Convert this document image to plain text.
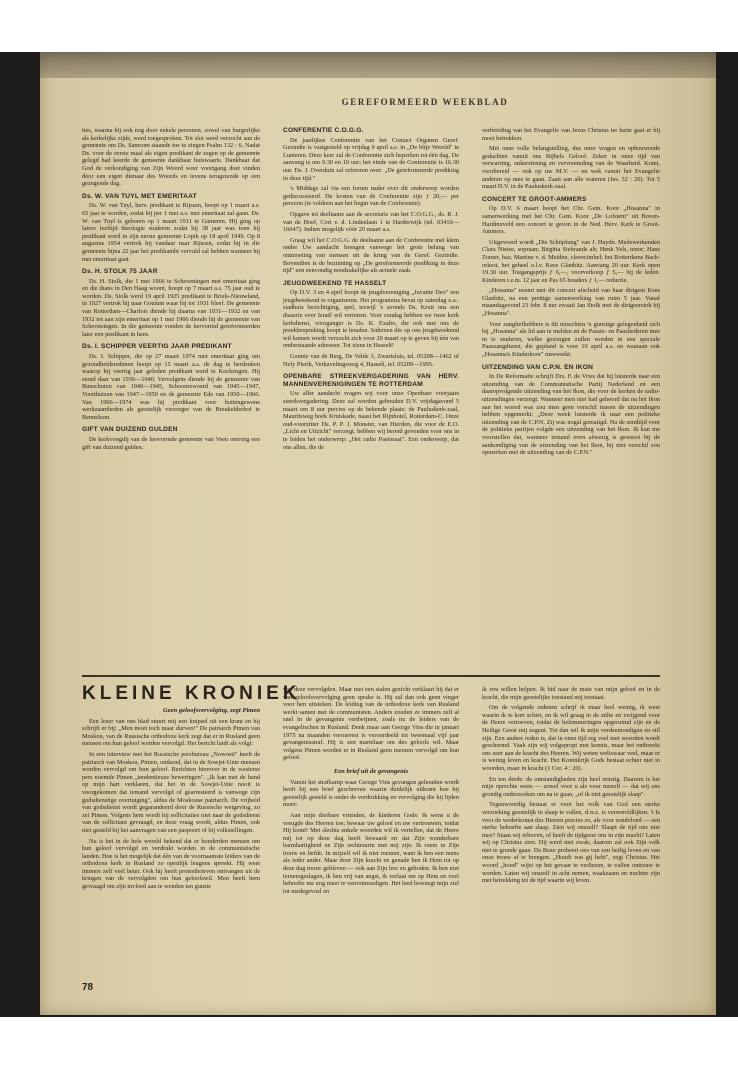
GEREFORMEERD WEEKBLAD

ties, waarna hij ook nog door enkele personen, zowel van burgerlijke als kerkelijke zijde, werd toegesproken. Tot slot werd verzocht aan de gemeente om Ds. Samsom staande toe te zingen Psalm 132 : 6. Nadat Ds. voor de eerste maal als eigen predikant de zegen op de gemeente gelegd had keerde de gemeente dankbaar huiswaarts. Dankbaar dat God de verkondiging van Zijn Woord weer voortgang doet vinden door een eigen dienaar des Woords en tevens terugziende op een gezegende dag.

Ds. W. VAN TUYL MET EMERITAAT

Ds. W. van Tuyl, herv. predikant te Rijssen, hoopt op 1 maart a.s. 65 jaar te worden, zodat hij per 1 mei a.s. met emeritaat zal gaan. Ds. W. van Tuyl is geboren op 1 maart 1911 te Gameren. Hij ging op latere leeftijd theologie studeren zodat hij 38 jaar was toen hij predikant werd in zijn eerste gemeente Lopik op 18 april 1949. Op 8 augustus 1954 vertrok hij vandaar naar Rijssen, zodat hij in die gemeente bijna 22 jaar het predikambt vervuld zal hebben wanneer hij met emeritaat gaat.

Ds. H. STOLK 75 JAAR

Ds. H. Stolk, die 1 mei 1966 te Scheveningen met emeritaat ging en die thans in Den Haag woont, hoopt op 7 maart a.s. 75 jaar oud te worden. Ds. Stolk werd 19 april 1925 predikant te Briels-Nieuwland, in 1927 vertrok hij naar Goutum waar hij tot 1931 bleef. De gemeente van Rotterdam—Charlois diende hij daarna van 1931—1932 en van 1932 tot aan zijn emeritaat op 1 mei 1966 diende hij de gemeente van Scheveningen. In die gemeente vonden de hervormd gereformeerden later een predikant in hem.

Ds. I. SCHIPPER VEERTIG JAAR PREDIKANT

Ds. I. Schipper, die op 27 maart 1974 met emeritaat ging om gezondheidsredenen hoopt op 15 maart a.s. de dag te herdenken waarop hij veertig jaar geleden predikant werd te Kockengen. Hij stond daar van 1936—1940. Vervolgens diende hij de gemeente van Bunschoten van 1940—1945, Schoonrewoerd van 1945—1947, Voorthuizen van 1947—1950 en de gemeente Ede van 1950—1966. Van 1966—1974 was hij predikant voor buitengewone werkzaamheden als geestelijk verzorger van de Breukelderhof te Bennekom.

GIFT VAN DUIZEND GULDEN

De kerkvoogdij van de hervormde gemeente van Veen ontving een gift van duizend gulden.

CONFERENTIE C.O.G.G.

De jaarlijkse Conferentie van het Contact Organen Geref. Gezindte is vastgesteld op vrijdag 9 april a.s. in „De blije Wereld" te Lunteren. Deze keer zal de Conferentie zich beperken tot één dag. De aanvang is om 9.30 en 10 uur; het einde van de Conferentie is 16.30 uur. Ds. J. Overduin zal refereren over: „De gereformeerde prediking in deze tijd."

's Middags zal via een forum nader over dit onderwerp worden gediscussieerd. De kosten van de Conferentie zijn ƒ 20,— per persoon (te voldoen aan het begin van de Conferentie).

Opgave tot deelname aan de secretaris van het C.O.G.G., ds. R. J. van de Hoef, Cort v. d. Lindenlaan 1 te Harderwijk (tel. 03410—16047). Indien mogelijk vóór 20 maart a.s.

Graag wil het C.O.G.G. de deelname aan de Conferentie met klem onder Uw aandacht brengen vanwege het grote belang van ontmoeting van mensen uit de kring van de Geref. Gezindte. Bovendien is de bezinning op „De gereformeerde prediking in deze tijd" een eenvoudig noodzakelijke als actuele zaak.

JEUGDWEEKEND TE HASSELT

Op D.V. 3 en 4 april hoopt de jeugdvereniging „Juvante Deo" een jeugdweekend te organiseren. Het programma bevat op zaterdag o.a.: stadhuis bezichtiging, spel, terwijl 's avonds Ds. Kruit ons een diaserie over Israël wil vertonen. Voor zondag hebben we twee kerk kerkdienst, voorganger is Ds. K. Exalto, die ook met ons de preekbespreking hoopt te houden. Iedereen die op ons jeugdweekend wil komen wordt verzocht zich voor 20 maart op te geven bij één van onderstaande adressen. Tot ziens in Hasselt!

Gonnie van de Berg, De Velde 3, Zwartsluis, tel. 05208—1462 of Nely Pierik, Verkavelingsweg 4, Hasselt, tel. 05209—1995.

OPENBARE STREEKVERGADERING VAN HERV. MANNENVERENIGINGEN TE ROTTERDAM

Uw aller aandacht vragen wij voor onze Openbare voorjaars streekvergadering. Deze zal worden gehouden D.V. vrijdagavond 5 maart om 8 uur precies op de bekende plaats: de Pauluskerk-zaal, Mauritsweg hoek Kruiskade, naast het Rijnhotel, Rotterdam-C. Onze oud-voorzitter Ds. P. P. J. Monster, van Hierden, die voor de E.O. „Licht en Uitzicht" verzorgt, hebben wij bereid gevonden voor ons in te leiden het onderwerp: „Het radio Pastoraat". Een onderwerp, dat ons allen, die de

verbreiding van het Evangelie van Jezus Christus ter harte gaat er bij moet betrekken.

Met onze volle belangstelling, dus onze vragen en opbouwende gedachten vanuit ons Bijbels Geloof. Zeker in onze tijd van verwarring, onkerstening en vervreemding van de Waarheid. Komt, voorbereid — ook op uw M.V. — en wek vanuit het Evangelie anderen op mee te gaan. Zaait aan alle wateren (Jes. 32 : 20). Tot 5 maart D.V. in de Pauluskerk-zaal.

CONCERT TE GROOT-AMMERS

Op D.V. 6 maart hoopt het Chr. Gem. Koor „Hosanna" in samenwerking met het Chr. Gem. Koor „De Lofstem" uit Boven-Hardinxveld een concert te geven in de Ned. Herv. Kerk te Groot-Ammers.

Uitgevoerd wordt „Die Schöpfung" van J. Haydn. Medewerkenden Clara Nietse, sopraan; Birgitta Siebrands alt; Henk Vels, tenor; Hans Zomer, bas; Martine v. d. Meiden, clavecimbel; het Rotterdams Bach-orkest, het geheel o.l.v. Kees Glanbitz. Aanvang 20 uur. Kerk open 19.30 uur. Toegangsprijs ƒ 6,—, voorverkoop ƒ 5,— bij de leden. Kinderen t.e.m. 12 jaar en Pas 65 houders ƒ 1,— reductie.

„Hosanna" neemt met dit concert afscheid van haar dirigent Kees Glanbitz, na een prettige samenwerking van ruim 5 jaar. Vanaf maandagavond 23 febr. 8 uur zwaait Jan Stolk met de dirigeerstok bij „Hosanna".

Voor zangliefhebbers is dit misschien 'n gunstige gelegenheid zich bij „Hosanna" als lid aan te melden en de Passie- en Paasliederen mee in te studeren, welke gezongen zullen worden in een speciale Paaszangdienst, die gepland is voor 10 april a.s. en waaraan ook „Hosanna's Kinderkoor" meewerkt.

UITZENDING VAN C.P.N. EN IKON

In De Reformatie schrijft Drs. F. de Vries dat hij luisterde naar een uitzending van de Communistische Partij Nederland en een daaropvolgende uitzending van het Ikon, die voor de kerken de radio-uitzendingen verzorgt. Wanneer men niet had gehoord dat nu het Ikon aan het woord was zou men geen verschil tussen de uitzendingen hebben opgemerkt: „Deze week luisterde ik naar een politieke uitzending van de C.P.N. Zij was nogal gematigd. Na de zendtijd voor de politieke partijen volgde een uitzending van het Ikon. Ik kan me voorstellen dat, wanneer iemand even afwezig is geweest bij de aankondiging van de uitzending van het Ikon, hij niet verschil zou opmerken met de uitzending van de C.P.N."

KLEINE KRONIEK
Geen geloofsvervolging, zegt Pimen

Een lezer van ons blad stuurt mij een knipsel uit een krant en hij schrijft er bij: „Men moet toch maar durven!" De patriarch Pimen van Moskou, van de Russische orthodoxe kerk zegt dat er in Rusland geen mensen om hun geloof worden vervolgd. Het bericht luidt als volgt:

In een interview met het Russische persbureau „Nowosti" heeft de patriarch van Moskou, Pimen, ontkend, dat in de Sowjet-Unie mensen worden vervolgd om hun geloof. Berichten hierover in de westerse pers noemde Pimen „tendentieuze beweringen". „Ik kan met de hand op mijn hart verklaren, dat het in de Sowjet-Unie nooit is voorgekomen dat iemand vervolgd of gearresteerd is vanwege zijn godsdienstige overtuiging", aldus de Moskouse patriarch. De vrijheid van godsdienst wordt gegarandeerd door de Russische wetgeving, zo zei Pimen. Volgens hem wordt bij sollicitaties niet naar de godsdienst van de sollicitant gevraagd, en deze vraag wordt, aldus Pimen, ook niet gesteld bij het aanvragen van een paspoort of bij volkstellingen.

Nu is het in de hele wereld bekend dat er honderden mensen om hun geloof vervolgd en verdrukt worden in de communistische landen. Hoe is het mogelijk dat één van de voornaamste leiders van de orthodoxe kerk in Rusland zo openlijk leugens spreekt. Hij weet immers zelf veel beter. Ook hij heeft protestbrieven ontvangen uit de kringen van de vervolgden om hun geloofswil. Men heeft hem gevraagd om zijn invloed aan te wenden ten gunste

van deze vervolgden. Maar met een stalen gezicht verklaart hij dat er van geloofsvervolging geen sprake is. Hij zal dan ook geen vinger voor hen uitsteken. De leiding van de orthodoxe kerk van Rusland werkt samen met de communisten. Anders zouden ze immers zelf al snel in de gevangenis verdwijnen, zoals nu de leiders van de evangelischen in Rusland. Denk maar aan George Vins die in januari 1975 na maanden voorarrest is veroordeeld tot tweemaal vijf jaar gevangenisstraf. Hij is een martelaar om des geloofs wil. Maar volgens Pimen worden er in Rusland geen mensen vervolgd om hun geloof.

Een brief uit de gevangenis

Vanuit het strafkamp waar George Vins gevangen gehouden wordt heeft hij een brief geschreven waarin duidelijk uitkomt hoe hij geestelijk gesteld is onder de verdrukking en vervolging die hij lijden moet:

Aan mijn dierbare vrienden, de kinderen Gods: Ik wens u de vreugde des Heeren toe; bewaar uw geloof en uw vertrouwen, totdat Hij komt! Met slechts enkele woorden wil ik vertellen, dat de Heere mij tot op deze dag heeft bewaard en dat Zijn wonderbare barmhartigheid en Zijn rechterarm met mij zijn. Ik roem in Zijn trouw en liefde. In mijzelf wil ik niet roemen, want ik ben een mens als ieder ander. Maar door Zijn kracht en genade ben ik Hem tot op deze dag trouw gebleven — ook aan Zijn leer en geboden. Ik ben niet terneergeslagen, ik ben vrij van angst, ik verlaat me op Hem en voel behoefte me nog meer te verootmoedigen. Het leed beweegt mijn ziel tot medegevoel en

ik zou willen helpen. Ik bid naar de mate van mijn geloof en in de kracht, die mijn geestelijke toestand mij toestaat.

Om de volgende redenen schrijf ik maar heel weinig, ik weet waarin ik te kort schiet, en ik wil graag in de stilte en zwijgend voor de Heere vertoeven, totdat de belemmeringen opgeruimd zijn en de Heilige Geest mij zegent. Tot dan wil ik mijn verdeemoedigen en stil zijn. Een andere reden is, dat in onze tijd erg veel met woorden wordt geschermd. Vaak zijn wij volgepropt met kennis, maar het ontbreekt ons zeer aan de kracht des Heeren. Wij weten weliswaar veel, maar er is weinig leven en kracht. Het Koninkrijk Gods bestaat echter niet in woorden, maar in kracht (1 Cor. 4 : 20).

En ten derde: de omstandigheden zijn heel ernstig. Daarom is het mijn oprechte wens — zowel voor u als voor mezelf — dat wij ons grondig onderzoeken om na te gaan, „of ik niet geestelijk slaap".

Tegenwoordig bestaat er voor het volk van God een sterke verzoeking geestelijk in slaap te vallen, d.w.z. is verwereldlijken. 't Is voor de wederkomst des Heeren precies zo, als voor zondvloed — een sterke behoefte aan slaap. Zien wij onszelf? Slaapt de tijd ons niet mee? Staan wij erboven, of heeft de tijdgeest ons in zijn macht? Laten wij op Christus zien. Hij werd niet zwak; daarom zal ook Zijn volk niet te gronde gaan. De Boze probeert ons van een heilig leven en van onze trouw af te brengen. „Houdt wat gij hebt", zegt Christus. Het woord „houd" wijst op het gevaar te verliezen, te vallen ontrouw te worden. Laten wij onszelf in acht nemen, waakzaam en nuchter zijn met betrekking tot de tijd waarin wij leven.

78
